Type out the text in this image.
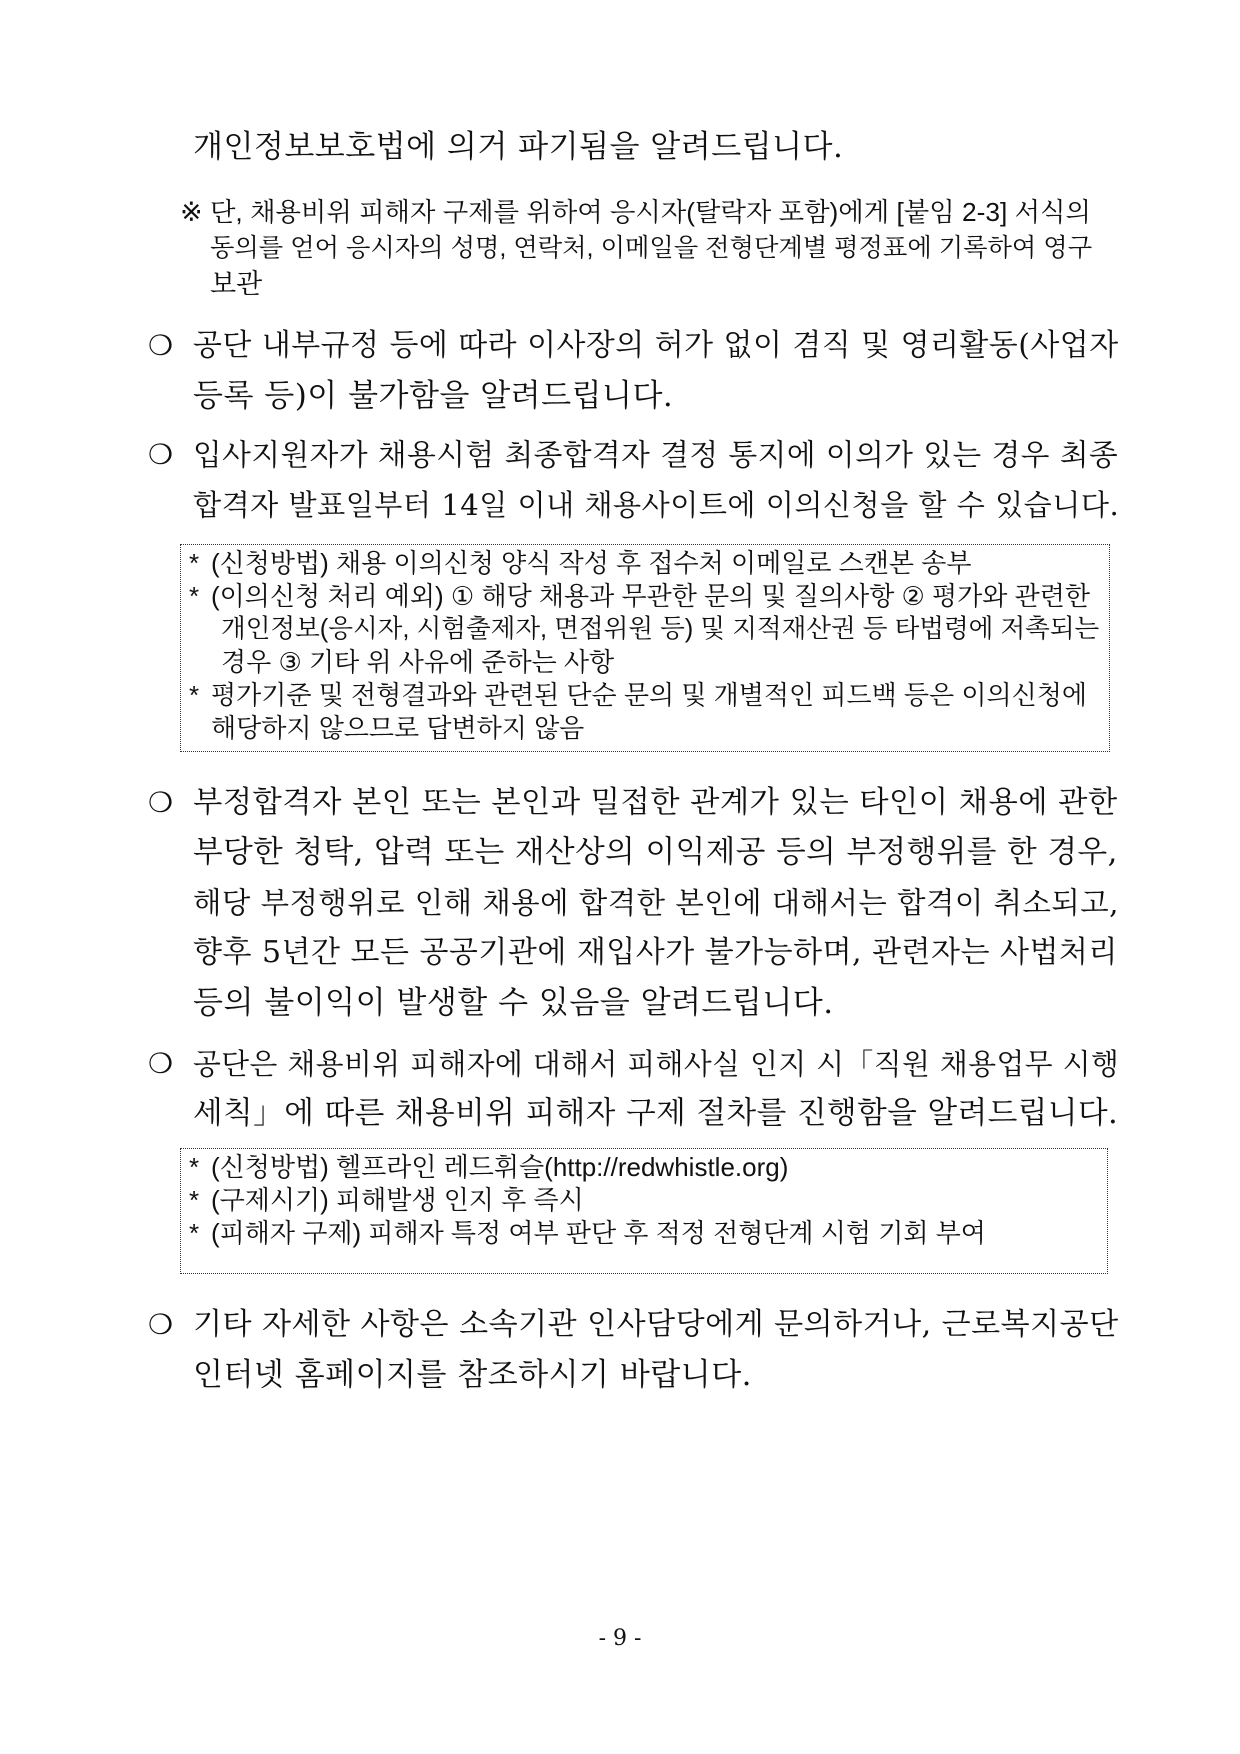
개인정보보호법에 의거 파기됨을 알려드립니다.
※ 단, 채용비위 피해자 구제를 위하여 응시자(탈락자 포함)에게 [붙임 2-3] 서식의
동의를 얻어 응시자의 성명, 연락처, 이메일을 전형단계별 평정표에 기록하여 영구
보관
❍ 공단 내부규정 등에 따라 이사장의 허가 없이 겸직 및 영리활동(사업자
등록 등)이 불가함을 알려드립니다.
❍ 입사지원자가 채용시험 최종합격자 결정 통지에 이의가 있는 경우 최종
합격자 발표일부터 14일 이내 채용사이트에 이의신청을 할 수 있습니다.
* (신청방법) 채용 이의신청 양식 작성 후 접수처 이메일로 스캔본 송부
* (이의신청 처리 예외) ① 해당 채용과 무관한 문의 및 질의사항 ② 평가와 관련한
개인정보(응시자, 시험출제자, 면접위원 등) 및 지적재산권 등 타법령에 저촉되는
경우 ③ 기타 위 사유에 준하는 사항
* 평가기준 및 전형결과와 관련된 단순 문의 및 개별적인 피드백 등은 이의신청에
해당하지 않으므로 답변하지 않음
❍ 부정합격자 본인 또는 본인과 밀접한 관계가 있는 타인이 채용에 관한
부당한 청탁, 압력 또는 재산상의 이익제공 등의 부정행위를 한 경우,
해당 부정행위로 인해 채용에 합격한 본인에 대해서는 합격이 취소되고,
향후 5년간 모든 공공기관에 재입사가 불가능하며, 관련자는 사법처리
등의 불이익이 발생할 수 있음을 알려드립니다.
❍ 공단은 채용비위 피해자에 대해서 피해사실 인지 시「직원 채용업무 시행
세칙」에 따른 채용비위 피해자 구제 절차를 진행함을 알려드립니다.
* (신청방법) 헬프라인 레드휘슬(http://redwhistle.org)
* (구제시기) 피해발생 인지 후 즉시
* (피해자 구제) 피해자 특정 여부 판단 후 적정 전형단계 시험 기회 부여
❍ 기타 자세한 사항은 소속기관 인사담당에게 문의하거나, 근로복지공단
인터넷 홈페이지를 참조하시기 바랍니다.
- 9 -
